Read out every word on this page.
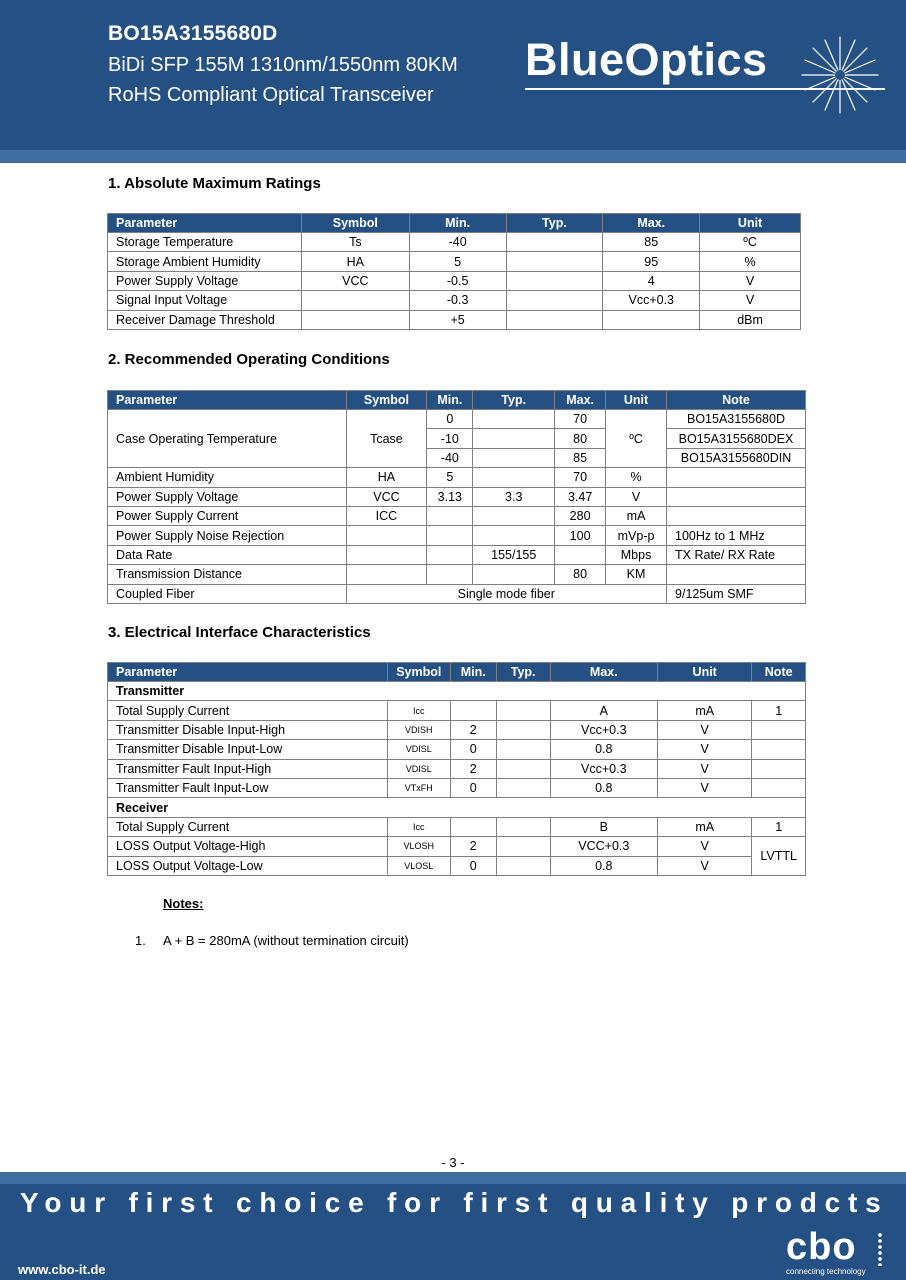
BO15A3155680D
BiDi SFP 155M 1310nm/1550nm 80KM
RoHS Compliant Optical Transceiver
BlueOptics
1. Absolute Maximum Ratings
Parameter	Symbol	Min.	Typ.	Max.	Unit
Storage Temperature	Ts	-40		85	ºC
Storage Ambient Humidity	HA	5		95	%
Power Supply Voltage	VCC	-0.5		4	V
Signal Input Voltage		-0.3		Vcc+0.3	V
Receiver Damage Threshold		+5			dBm
2. Recommended Operating Conditions
Parameter	Symbol	Min.	Typ.	Max.	Unit	Note
Case Operating Temperature	Tcase	0		70	ºC	BO15A3155680D
		-10		80		BO15A3155680DEX
		-40		85		BO15A3155680DIN
Ambient Humidity	HA	5		70	%	
Power Supply Voltage	VCC	3.13	3.3	3.47	V	
Power Supply Current	ICC			280	mA	
Power Supply Noise Rejection				100	mVp-p	100Hz to 1 MHz
Data Rate			155/155		Mbps	TX Rate/ RX Rate
Transmission Distance				80	KM	
Coupled Fiber	Single mode fiber					9/125um SMF
3. Electrical Interface Characteristics
Parameter	Symbol	Min.	Typ.	Max.	Unit	Note
Transmitter						
Total Supply Current	Icc			A	mA	1
Transmitter Disable Input-High	VDISH	2		Vcc+0.3	V	
Transmitter Disable Input-Low	VDISL	0		0.8	V	
Transmitter Fault Input-High	VDISL	2		Vcc+0.3	V	
Transmitter Fault Input-Low	VTxFH	0		0.8	V	
Receiver						
Total Supply Current	Icc			B	mA	1
LOSS Output Voltage-High	VLOSH	2		VCC+0.3	V	LVTTL
LOSS Output Voltage-Low	VLOSL	0		0.8	V	
Notes:
1. A + B = 280mA (without termination circuit)
- 3 -
Your first choice for first quality prodcts
www.cbo-it.de
cbo
connecting technology
